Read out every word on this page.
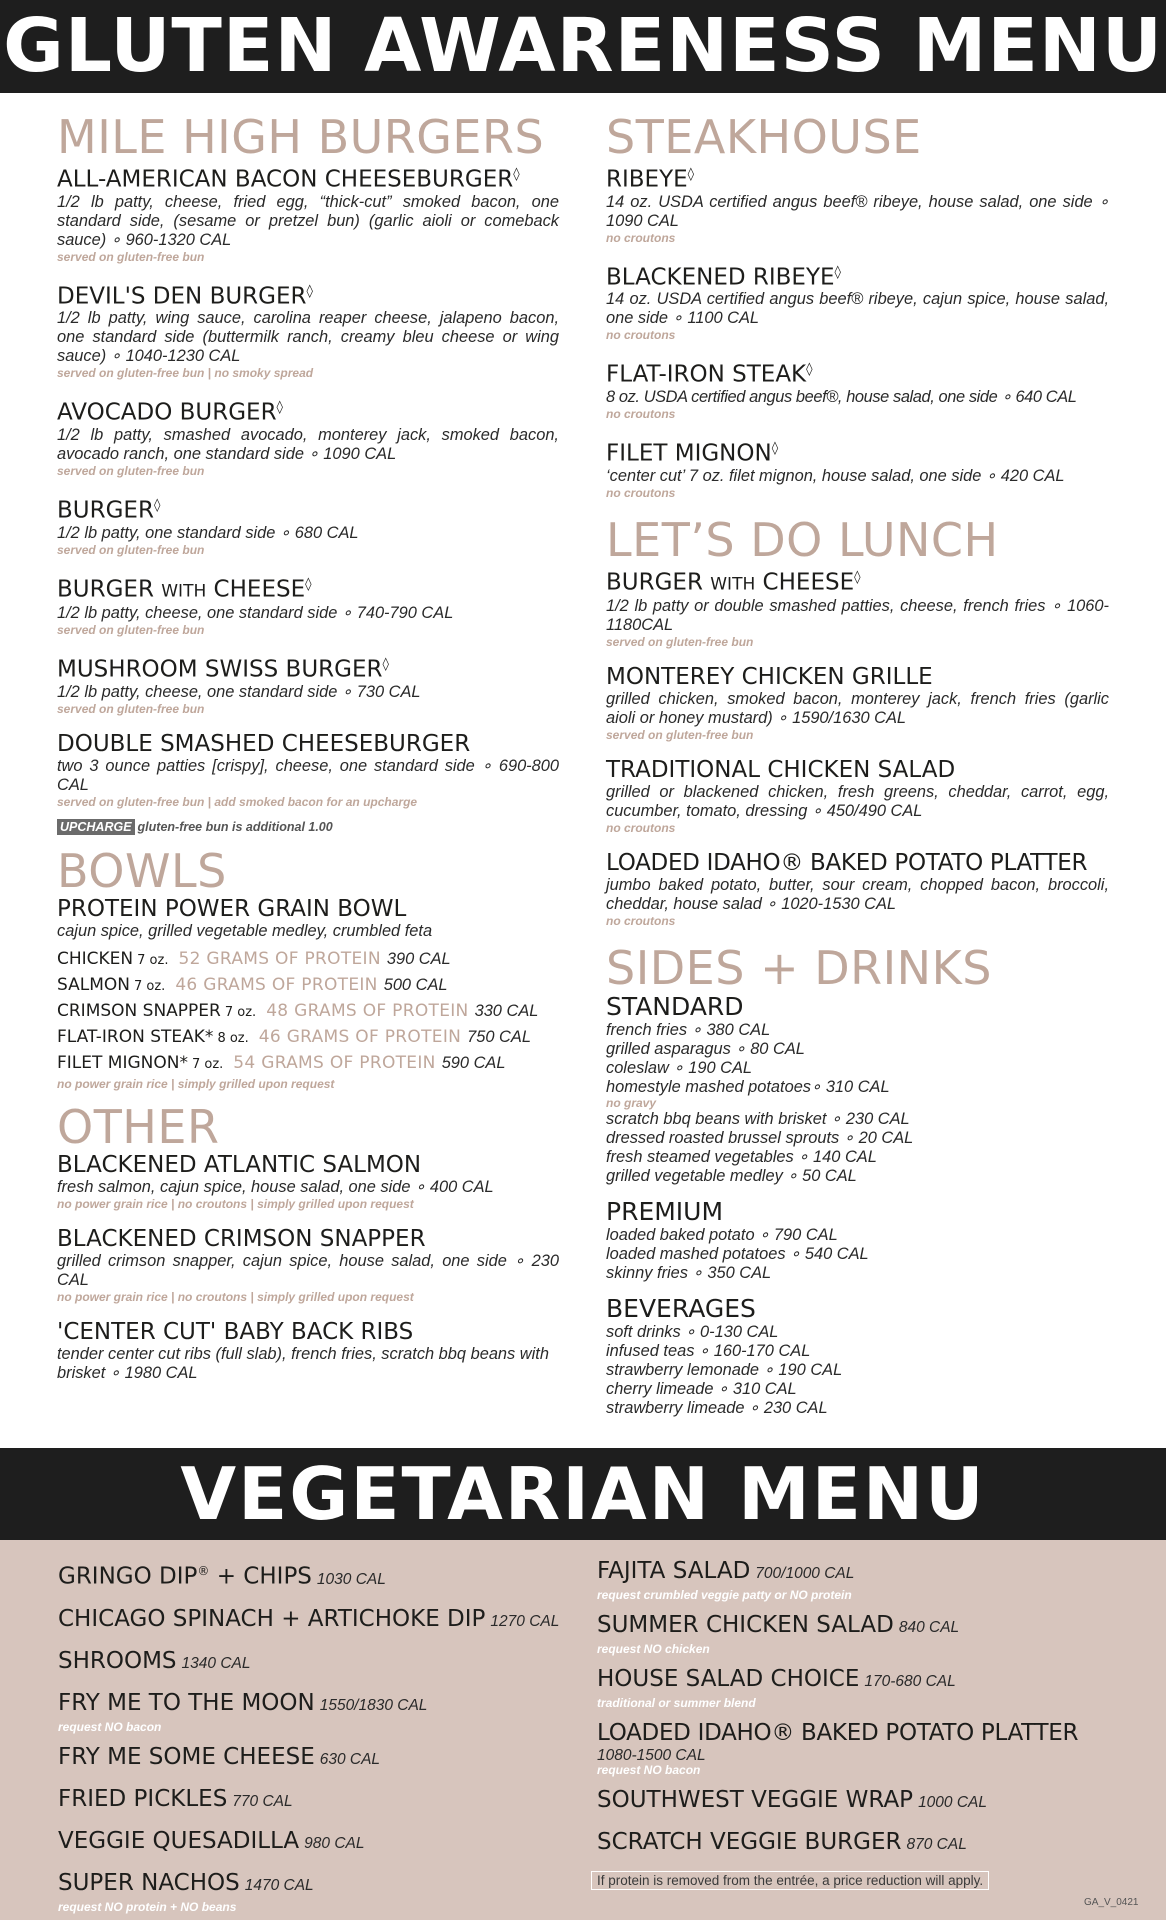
GLUTEN AWARENESS MENU
MILE HIGH BURGERS
ALL-AMERICAN BACON CHEESEBURGER◊
1/2 lb patty, cheese, fried egg, “thick-cut” smoked bacon, one standard side, (sesame or pretzel bun) (garlic aioli or comeback sauce) ∘ 960-1320 CAL
served on gluten-free bun
DEVIL'S DEN BURGER◊
1/2 lb patty, wing sauce, carolina reaper cheese, jalapeno bacon, one standard side (buttermilk ranch, creamy bleu cheese or wing sauce) ∘ 1040-1230 CAL
served on gluten-free bun | no smoky spread
AVOCADO BURGER◊
1/2 lb patty, smashed avocado, monterey jack, smoked bacon, avocado ranch, one standard side ∘ 1090 CAL
served on gluten-free bun
BURGER◊
1/2 lb patty, one standard side ∘ 680 CAL
served on gluten-free bun
BURGER WITH CHEESE◊
1/2 lb patty, cheese, one standard side ∘ 740-790 CAL
served on gluten-free bun
MUSHROOM SWISS BURGER◊
1/2 lb patty, cheese, one standard side ∘ 730 CAL
served on gluten-free bun
DOUBLE SMASHED CHEESEBURGER
two 3 ounce patties [crispy], cheese, one standard side ∘ 690-800 CAL
served on gluten-free bun | add smoked bacon for an upcharge
UPCHARGE gluten-free bun is additional 1.00
BOWLS
PROTEIN POWER GRAIN BOWL
cajun spice, grilled vegetable medley, crumbled feta
CHICKEN 7 oz. 52 GRAMS OF PROTEIN 390 CAL
SALMON 7 oz. 46 GRAMS OF PROTEIN 500 CAL
CRIMSON SNAPPER 7 oz. 48 GRAMS OF PROTEIN 330 CAL
FLAT-IRON STEAK* 8 oz. 46 GRAMS OF PROTEIN 750 CAL
FILET MIGNON* 7 oz. 54 GRAMS OF PROTEIN 590 CAL
no power grain rice | simply grilled upon request
OTHER
BLACKENED ATLANTIC SALMON
fresh salmon, cajun spice, house salad, one side ∘ 400 CAL
no power grain rice | no croutons | simply grilled upon request
BLACKENED CRIMSON SNAPPER
grilled crimson snapper, cajun spice, house salad, one side ∘ 230 CAL
no power grain rice | no croutons | simply grilled upon request
'CENTER CUT' BABY BACK RIBS
tender center cut ribs (full slab), french fries, scratch bbq beans with brisket ∘ 1980 CAL
STEAKHOUSE
RIBEYE◊
14 oz. USDA certified angus beef® ribeye, house salad, one side ∘ 1090 CAL
no croutons
BLACKENED RIBEYE◊
14 oz. USDA certified angus beef® ribeye, cajun spice, house salad, one side ∘ 1100 CAL
no croutons
FLAT-IRON STEAK◊
8 oz. USDA certified angus beef®, house salad, one side ∘ 640 CAL
no croutons
FILET MIGNON◊
‘center cut’ 7 oz. filet mignon, house salad, one side ∘ 420 CAL
no croutons
LET’S DO LUNCH
BURGER WITH CHEESE◊
1/2 lb patty or double smashed patties, cheese, french fries ∘ 1060-1180CAL
served on gluten-free bun
MONTEREY CHICKEN GRILLE
grilled chicken, smoked bacon, monterey jack, french fries (garlic aioli or honey mustard) ∘ 1590/1630 CAL
served on gluten-free bun
TRADITIONAL CHICKEN SALAD
grilled or blackened chicken, fresh greens, cheddar, carrot, egg, cucumber, tomato, dressing ∘ 450/490 CAL
no croutons
LOADED IDAHO® BAKED POTATO PLATTER
jumbo baked potato, butter, sour cream, chopped bacon, broccoli, cheddar, house salad ∘ 1020-1530 CAL
no croutons
SIDES + DRINKS
STANDARD
french fries ∘ 380 CAL
grilled asparagus ∘ 80 CAL
coleslaw ∘ 190 CAL
homestyle mashed potatoes∘ 310 CAL
no gravy
scratch bbq beans with brisket ∘ 230 CAL
dressed roasted brussel sprouts ∘ 20 CAL
fresh steamed vegetables ∘ 140 CAL
grilled vegetable medley ∘ 50 CAL
PREMIUM
loaded baked potato ∘ 790 CAL
loaded mashed potatoes ∘ 540 CAL
skinny fries ∘ 350 CAL
BEVERAGES
soft drinks ∘ 0-130 CAL
infused teas ∘ 160-170 CAL
strawberry lemonade ∘ 190 CAL
cherry limeade ∘ 310 CAL
strawberry limeade ∘ 230 CAL
VEGETARIAN MENU
GRINGO DIP® + CHIPS 1030 CAL
CHICAGO SPINACH + ARTICHOKE DIP 1270 CAL
SHROOMS 1340 CAL
FRY ME TO THE MOON 1550/1830 CAL
request NO bacon
FRY ME SOME CHEESE 630 CAL
FRIED PICKLES 770 CAL
VEGGIE QUESADILLA 980 CAL
SUPER NACHOS 1470 CAL
request NO protein + NO beans
FAJITA SALAD 700/1000 CAL
request crumbled veggie patty or NO protein
SUMMER CHICKEN SALAD 840 CAL
request NO chicken
HOUSE SALAD CHOICE 170-680 CAL
traditional or summer blend
LOADED IDAHO® BAKED POTATO PLATTER
1080-1500 CAL
request NO bacon
SOUTHWEST VEGGIE WRAP 1000 CAL
SCRATCH VEGGIE BURGER 870 CAL
If protein is removed from the entrée, a price reduction will apply.
GA_V_0421
